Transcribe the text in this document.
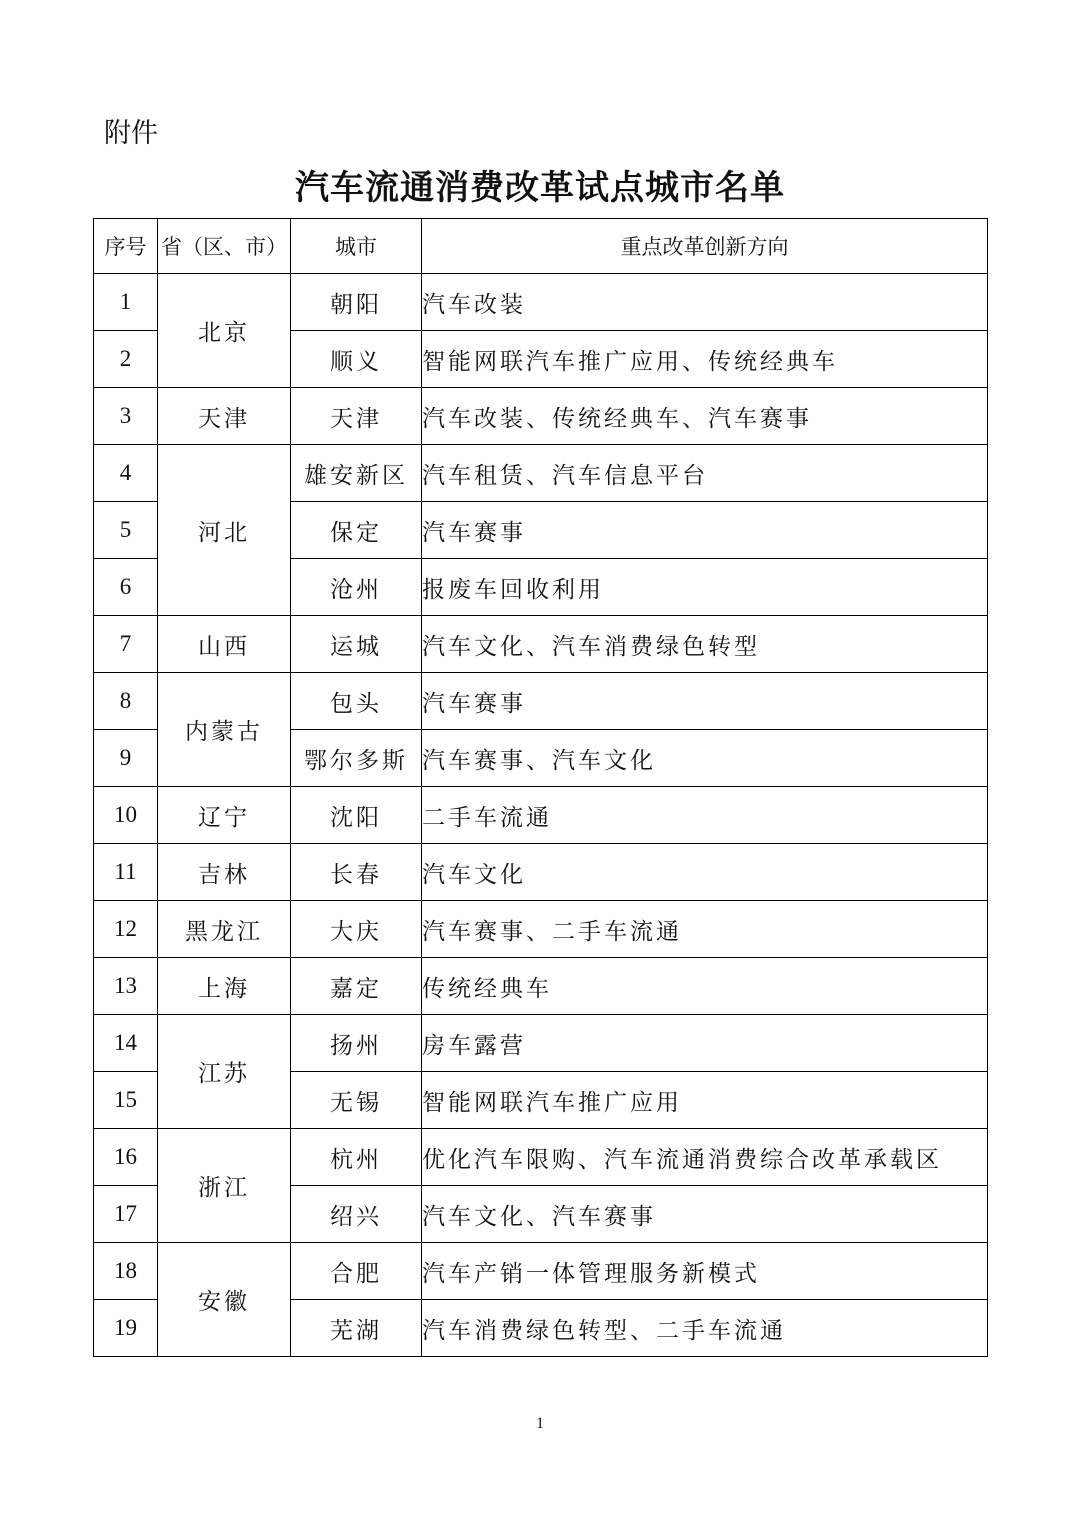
附件
汽车流通消费改革试点城市名单
序号	省（区、市）	城市	重点改革创新方向
1	北京	朝阳	汽车改装
2		顺义	智能网联汽车推广应用、传统经典车
3	天津	天津	汽车改装、传统经典车、汽车赛事
4	河北	雄安新区	汽车租赁、汽车信息平台
5		保定	汽车赛事
6		沧州	报废车回收利用
7	山西	运城	汽车文化、汽车消费绿色转型
8	内蒙古	包头	汽车赛事
9		鄂尔多斯	汽车赛事、汽车文化
10	辽宁	沈阳	二手车流通
11	吉林	长春	汽车文化
12	黑龙江	大庆	汽车赛事、二手车流通
13	上海	嘉定	传统经典车
14	江苏	扬州	房车露营
15		无锡	智能网联汽车推广应用
16	浙江	杭州	优化汽车限购、汽车流通消费综合改革承载区
17		绍兴	汽车文化、汽车赛事
18	安徽	合肥	汽车产销一体管理服务新模式
19		芜湖	汽车消费绿色转型、二手车流通
1
